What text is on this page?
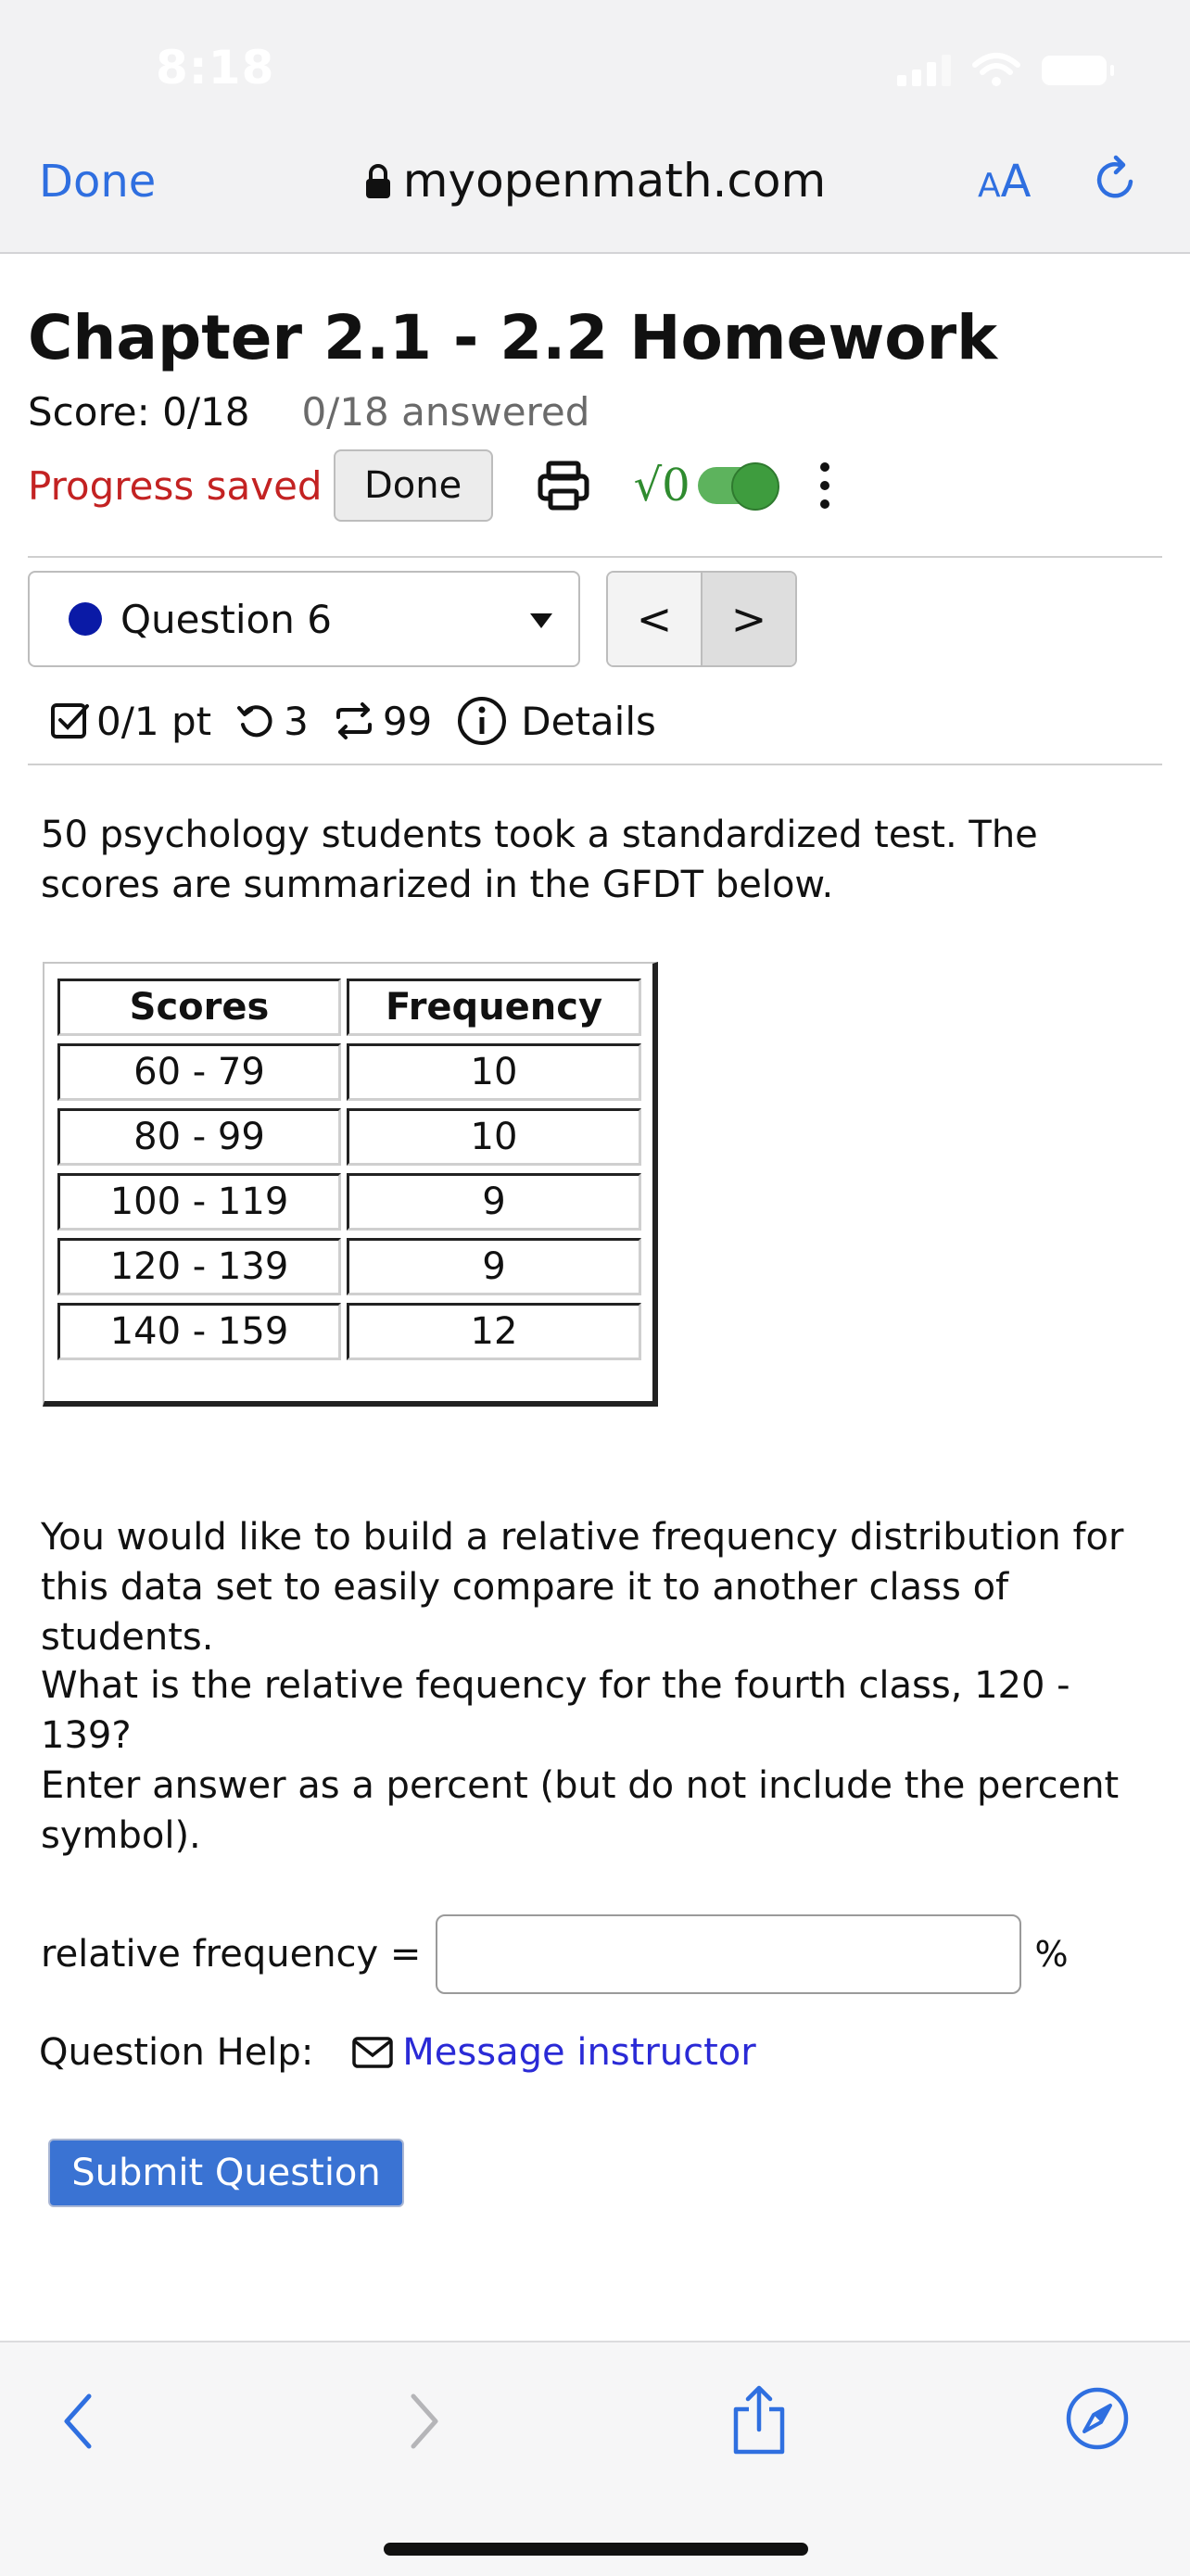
8:18
Done	myopenmath.com	AA
Chapter 2.1 - 2.2 Homework
Score: 0/18 0/18 answered
Progress saved	Done	√0
Question 6	<	>
0/1 pt 3 99 Details
50 psychology students took a standardized test. The scores are summarized in the GFDT below.
Scores	Frequency
60 - 79	10
80 - 99	10
100 - 119	9
120 - 139	9
140 - 159	12
You would like to build a relative frequency distribution for this data set to easily compare it to another class of students.
What is the relative fequency for the fourth class, 120 - 139?
Enter answer as a percent (but do not include the percent symbol).
relative frequency =	%
Question Help: Message instructor
Submit Question
